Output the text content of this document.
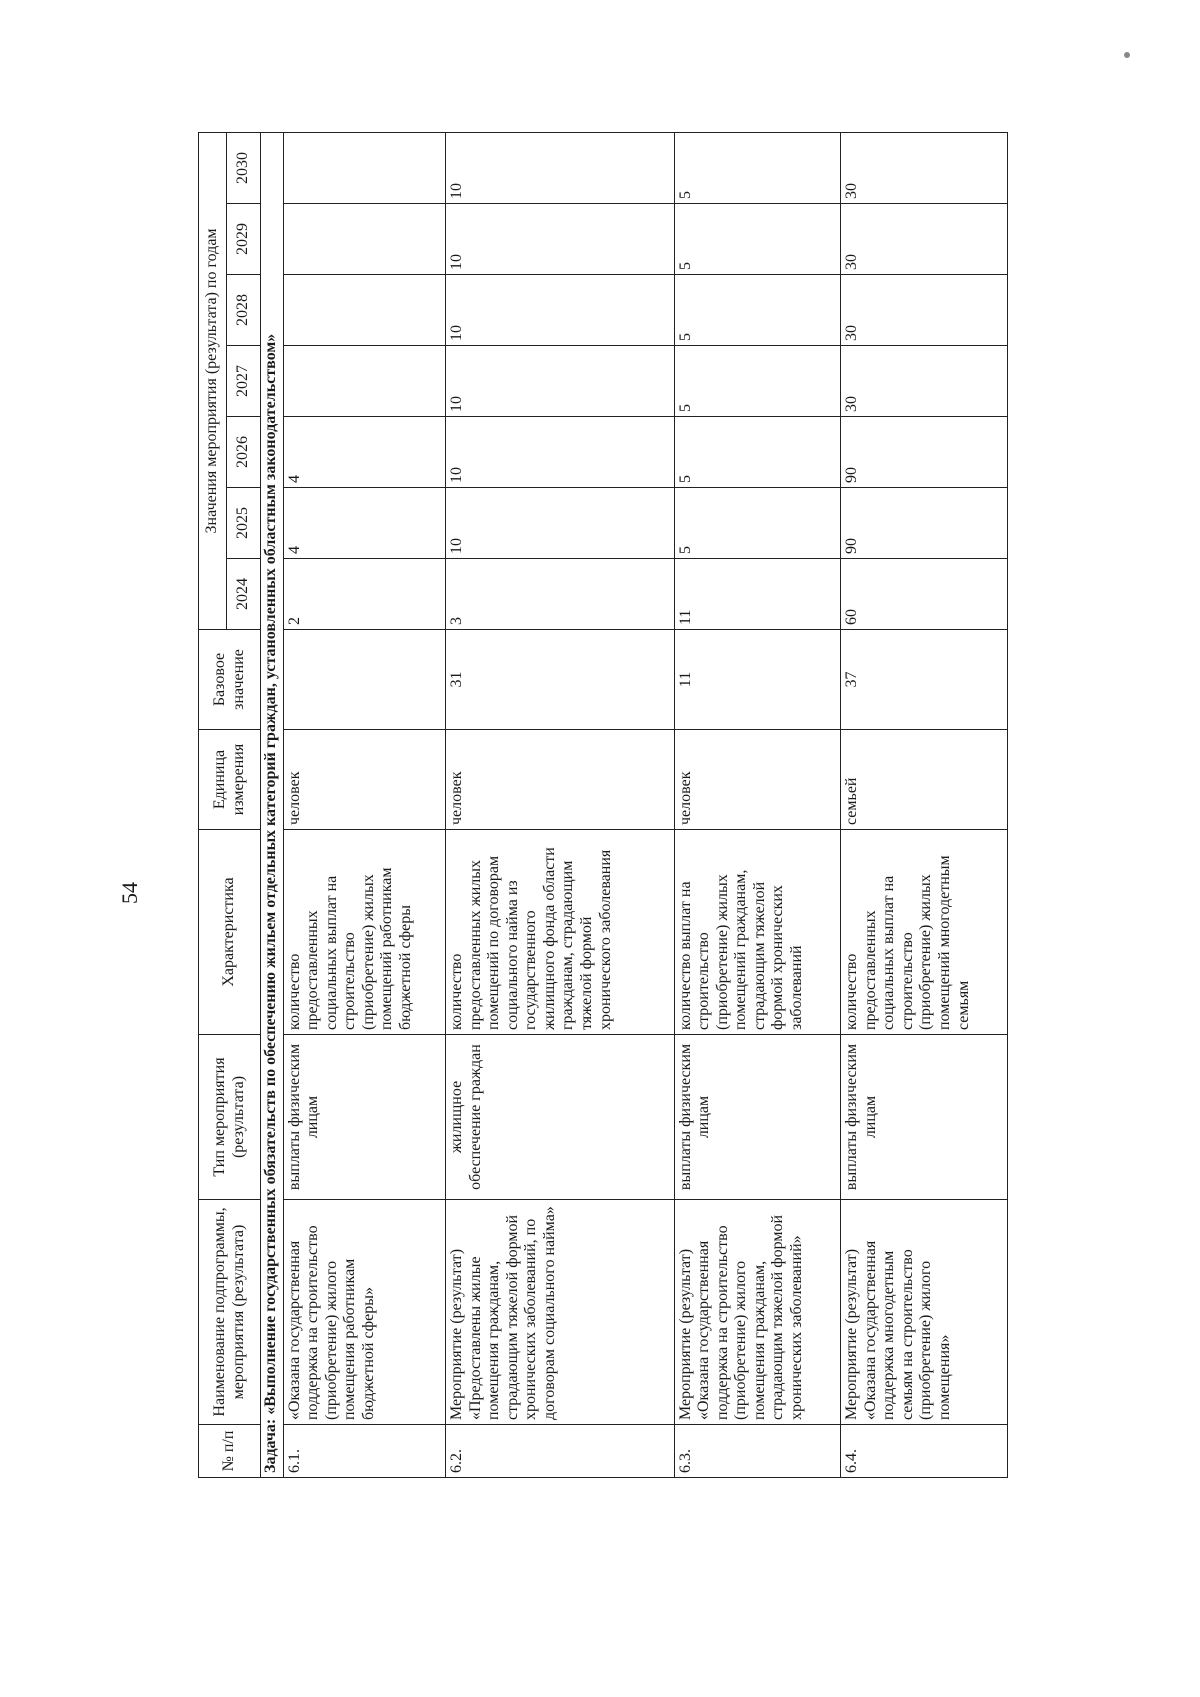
54
№ п/п	Наименование подпрограммы, мероприятия (результата)	Тип мероприятия (результата)	Характеристика	Единица измерения	Базовое значение	Значения мероприятия (результата) по годам						
						2024	2025	2026	2027	2028	2029	2030
Задача: «Выполнение государственных обязательств по обеспечению жильем отдельных категорий граждан, установленных областным законодательством»												
6.1.	«Оказана государственная поддержка на строительство (приобретение) жилого помещения работникам бюджетной сферы»	выплаты физическим лицам	количество предоставленных социальных выплат на строительство (приобретение) жилых помещений работникам бюджетной сферы	человек		2	4	4				
6.2.	Мероприятие (результат) «Предоставлены жилые помещения гражданам, страдающим тяжелой формой хронических заболеваний, по договорам социального найма»	жилищное обеспечение граждан	количество предоставленных жилых помещений по договорам социального найма из государственного жилищного фонда области гражданам, страдающим тяжелой формой хронического заболевания	человек	31	3	10	10	10	10	10	10
6.3.	Мероприятие (результат) «Оказана государственная поддержка на строительство (приобретение) жилого помещения гражданам, страдающим тяжелой формой хронических заболеваний»	выплаты физическим лицам	количество выплат на строительство (приобретение) жилых помещений гражданам, страдающим тяжелой формой хронических заболеваний	человек	11	11	5	5	5	5	5	5
6.4.	Мероприятие (результат) «Оказана государственная поддержка многодетным семьям на строительство (приобретение) жилого помещения»	выплаты физическим лицам	количество предоставленных социальных выплат на строительство (приобретение) жилых помещений многодетным семьям	семьей	37	60	90	90	30	30	30	30
